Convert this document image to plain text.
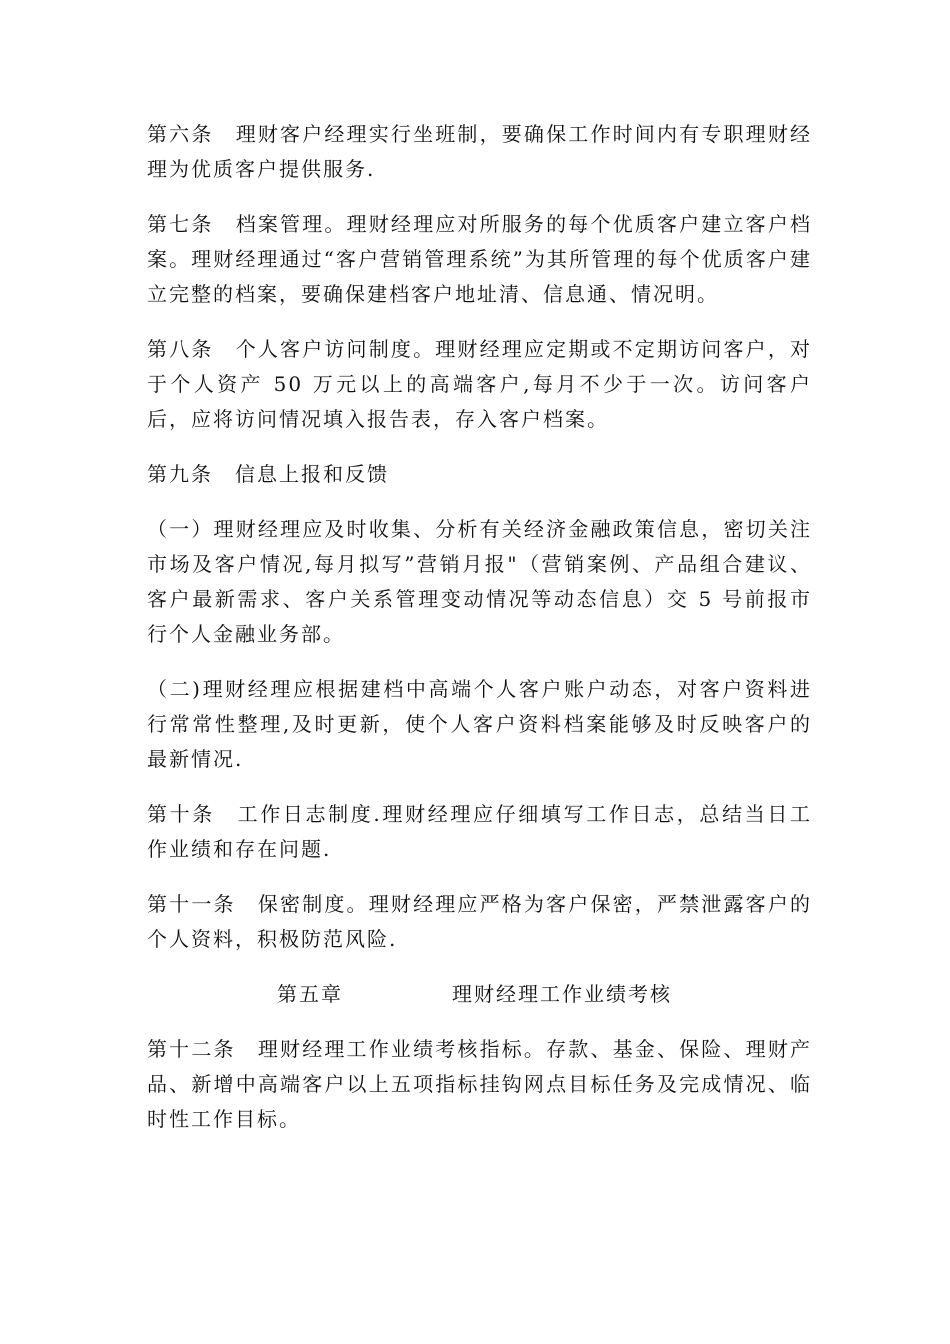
第六条　理财客户经理实行坐班制，要确保工作时间内有专职理财经理为优质客户提供服务.

第七条　档案管理。理财经理应对所服务的每个优质客户建立客户档案。理财经理通过“客户营销管理系统”为其所管理的每个优质客户建立完整的档案，要确保建档客户地址清、信息通、情况明。

第八条　个人客户访问制度。理财经理应定期或不定期访问客户，对于个人资产 50 万元以上的高端客户,每月不少于一次。访问客户后，应将访问情况填入报告表，存入客户档案。

第九条　信息上报和反馈

（一）理财经理应及时收集、分析有关经济金融政策信息，密切关注市场及客户情况,每月拟写”营销月报"（营销案例、产品组合建议、客户最新需求、客户关系管理变动情况等动态信息）交 5 号前报市行个人金融业务部。

（二)理财经理应根据建档中高端个人客户账户动态，对客户资料进行常常性整理,及时更新，使个人客户资料档案能够及时反映客户的最新情况.

第十条　工作日志制度.理财经理应仔细填写工作日志，总结当日工作业绩和存在问题.

第十一条　保密制度。理财经理应严格为客户保密，严禁泄露客户的个人资料，积极防范风险.

第五章	理财经理工作业绩考核

第十二条　理财经理工作业绩考核指标。存款、基金、保险、理财产品、新增中高端客户以上五项指标挂钩网点目标任务及完成情况、临时性工作目标。
